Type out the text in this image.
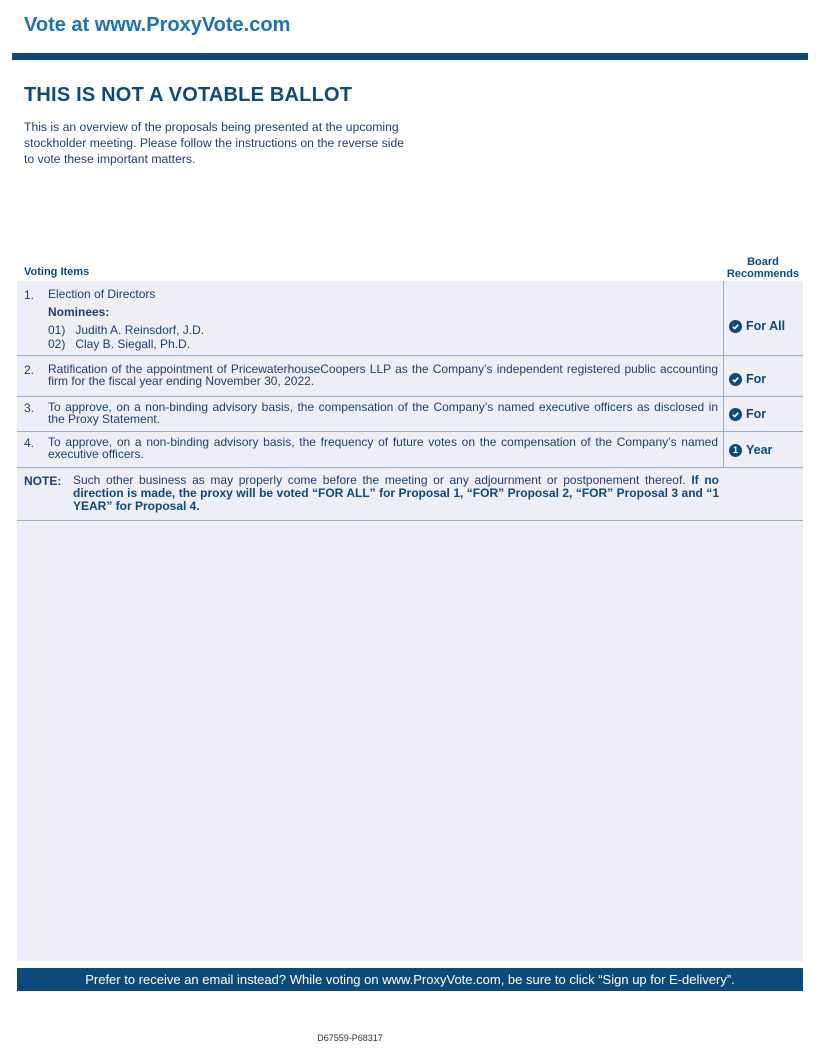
Vote at www.ProxyVote.com
THIS IS NOT A VOTABLE BALLOT
This is an overview of the proposals being presented at the upcoming stockholder meeting. Please follow the instructions on the reverse side to vote these important matters.
Voting Items
Board
Recommends
1. Election of Directors
Nominees:
01)   Judith A. Reinsdorf, J.D.
02)   Clay B. Siegall, Ph.D.
For All
2. Ratification of the appointment of PricewaterhouseCoopers LLP as the Company’s independent registered public accounting firm for the fiscal year ending November 30, 2022.	For
3. To approve, on a non-binding advisory basis, the compensation of the Company’s named executive officers as disclosed in the Proxy Statement.	For
4. To approve, on a non-binding advisory basis, the frequency of future votes on the compensation of the Company’s named executive officers.	1 Year
NOTE: Such other business as may properly come before the meeting or any adjournment or postponement thereof. If no direction is made, the proxy will be voted “FOR ALL” for Proposal 1, “FOR” Proposal 2, “FOR” Proposal 3 and “1 YEAR” for Proposal 4.
Prefer to receive an email instead? While voting on www.ProxyVote.com, be sure to click “Sign up for E-delivery”.
D67559-P68317
